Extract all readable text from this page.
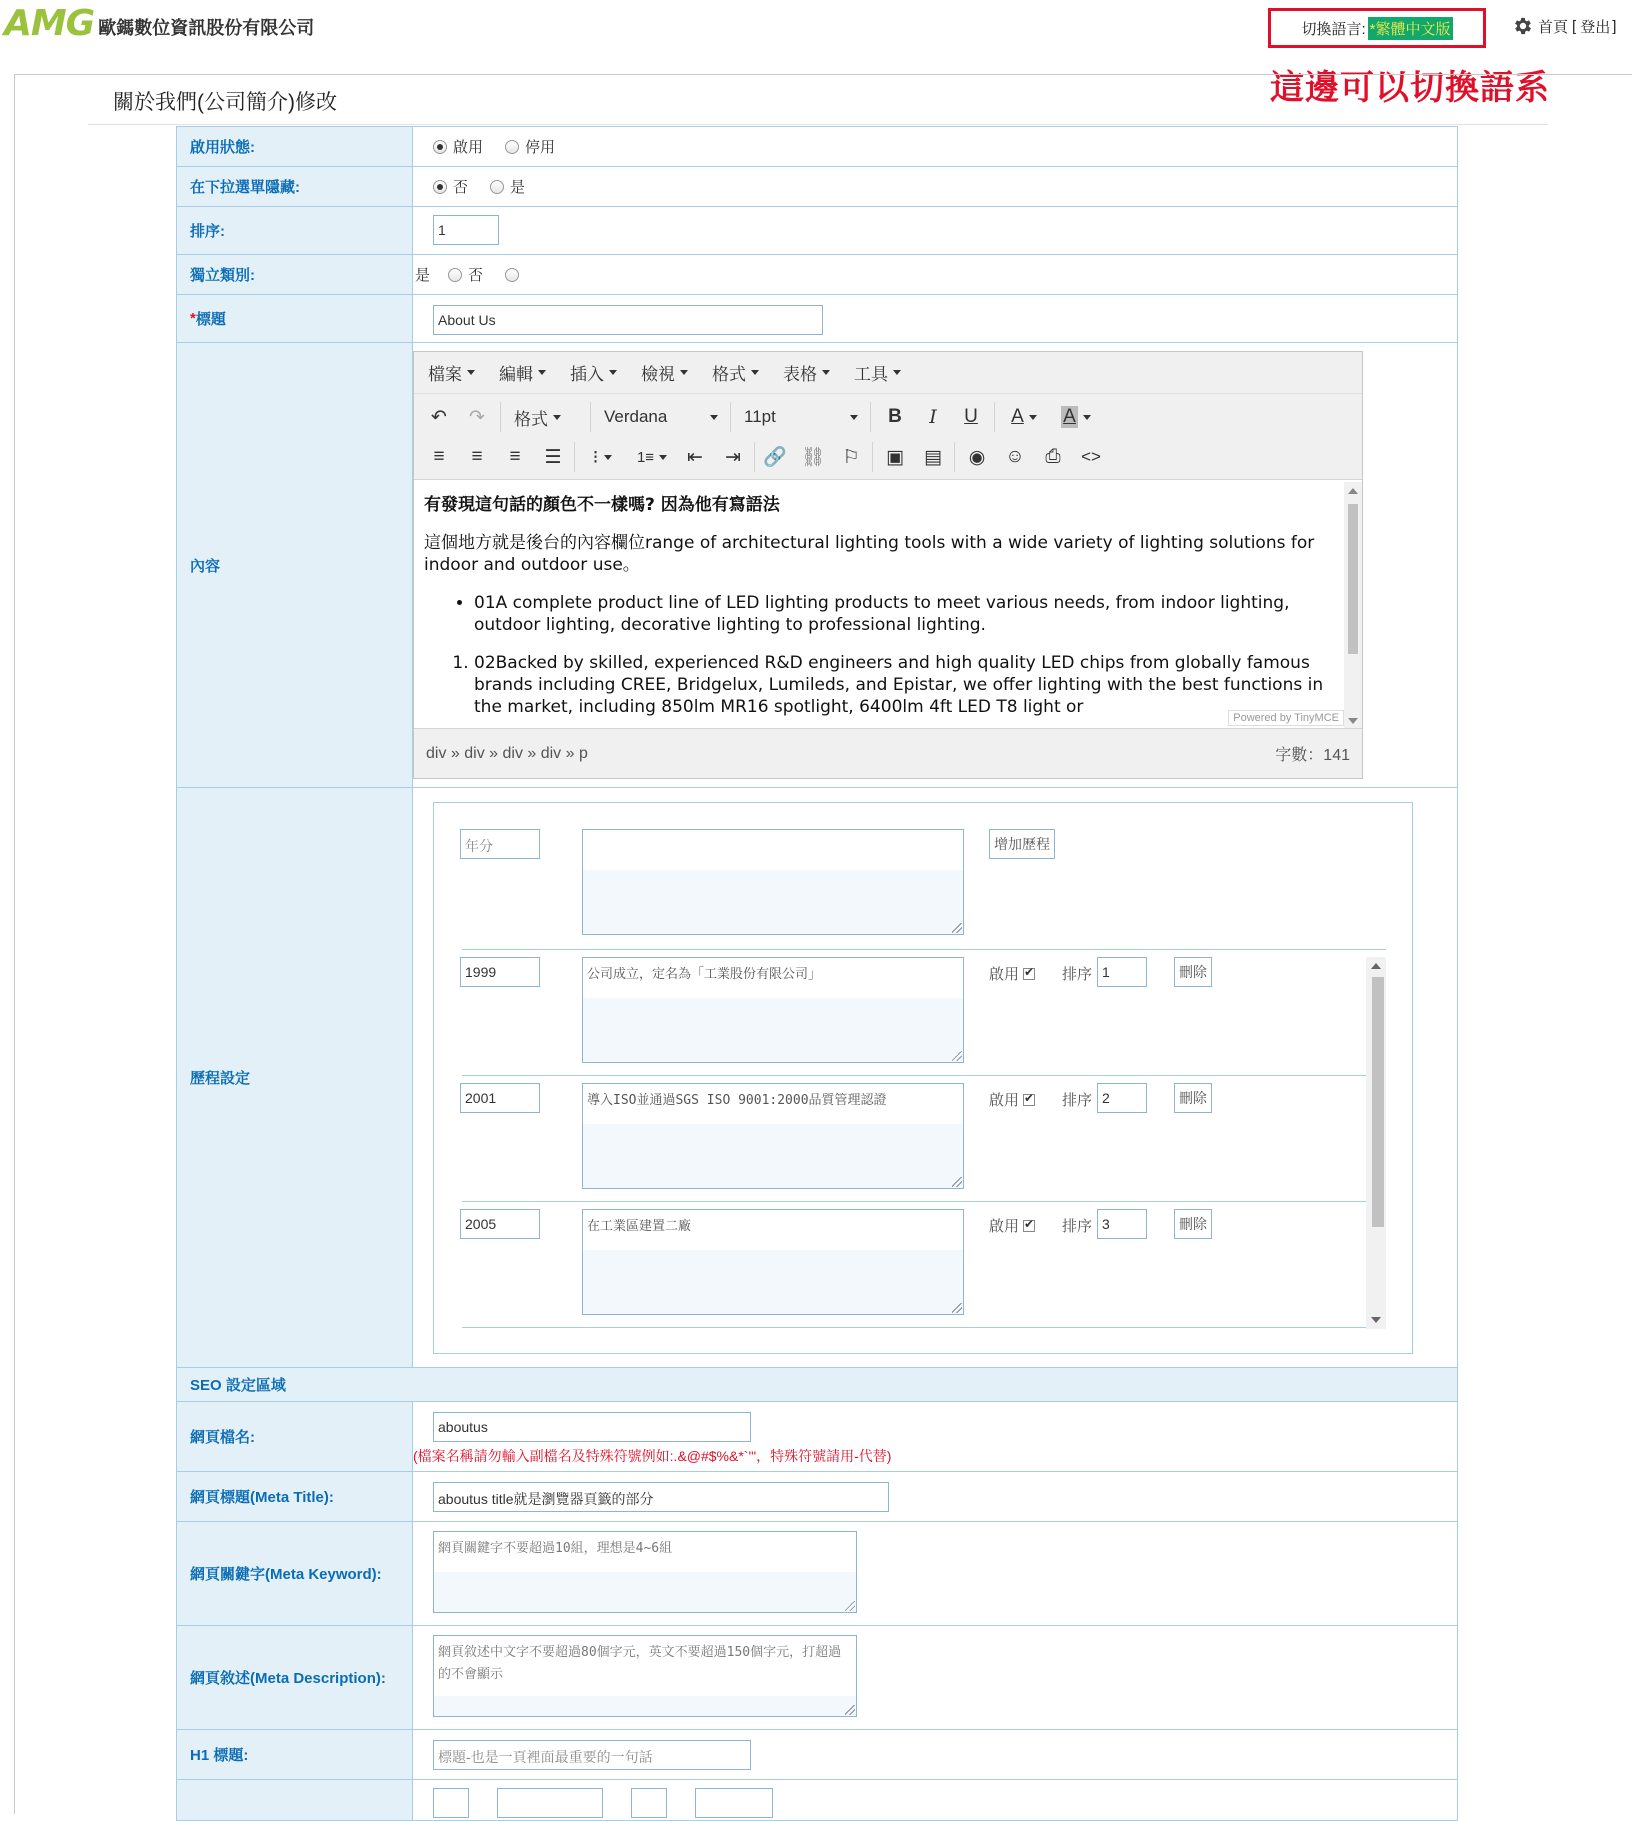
AMG 歐鎷數位資訊股份有限公司	切換語言: *繁體中文版
這邊可以切換語系
首頁 [ 登出 ]
關於我們(公司簡介)修改
啟用狀態:	啟用	停用
在下拉選單隱藏:	否	是
排序:	1
獨立類別:	是	否
* 標題	About Us
內容
檔案 編輯 插入 檢視 格式 表格 工具
↶	↷	格式	Verdana	11pt	B	I	U	A	A
≡	≡	≡	☰	⁝	1≡	⇤	⇥	🔗 ⛓ ⚐	▣	▤	◉	☺	⎙	<>

有發現這句話的顏色不一樣嗎? 因為他有寫語法

這個地方就是後台的內容欄位range of architectural lighting tools with a wide variety of lighting solutions for indoor and outdoor use。

• 01A complete product line of LED lighting products to meet various needs, from indoor lighting, outdoor lighting, decorative lighting to professional lighting.
1. 02Backed by skilled, experienced R&D engineers and high quality LED chips from globally famous brands including CREE, Bridgelux, Lumileds, and Epistar, we offer lighting with the best functions in the market, including 850lm MR16 spotlight, 6400lm 4ft LED T8 light or
Powered by TinyMCE
div » div » div » div » p	字數：141
歷程設定
年分	增加歷程
1999	公司成立，定名為「工業股份有限公司」	啟用 ✔	排序 1	刪除
2001	導入ISO並通過SGS ISO 9001:2000品質管理認證	啟用 ✔	排序 2	刪除
2005	在工業區建置二廠	啟用 ✔	排序 3	刪除
SEO 設定區域
網頁檔名:
aboutus
(檔案名稱請勿輸入副檔名及特殊符號例如:.&@#$%&*`'"，特殊符號請用-代替)
網頁標題(Meta Title):	aboutus title就是瀏覽器頁籤的部分
網頁關鍵字(Meta Keyword):
網頁關鍵字不要超過10組，理想是4~6組
網頁敘述(Meta Description):
網頁敘述中文字不要超過80個字元，英文不要超過150個字元，打超過的不會顯示
H1 標題:	標題-也是一頁裡面最重要的一句話
